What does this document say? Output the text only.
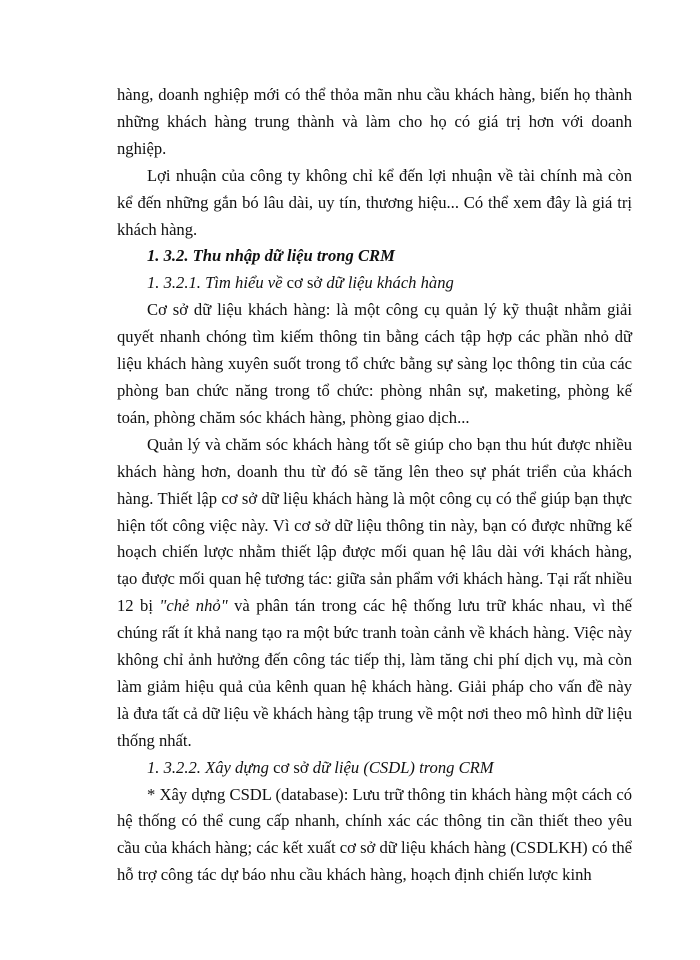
hàng, doanh nghiệp mới có thể thỏa mãn nhu cầu khách hàng, biến họ thành những khách hàng trung thành và làm cho họ có giá trị hơn với doanh nghiệp.

Lợi nhuận của công ty không chỉ kể đến lợi nhuận về tài chính mà còn kể đến những gắn bó lâu dài, uy tín, thương hiệu... Có thể xem đây là giá trị khách hàng.

1. 3.2. Thu nhập dữ liệu trong CRM

1. 3.2.1. Tìm hiểu về cơ sở dữ liệu khách hàng

Cơ sở dữ liệu khách hàng: là một công cụ quản lý kỹ thuật nhằm giải quyết nhanh chóng tìm kiếm thông tin bằng cách tập hợp các phần nhỏ dữ liệu khách hàng xuyên suốt trong tổ chức bằng sự sàng lọc thông tin của các phòng ban chức năng trong tổ chức: phòng nhân sự, maketing, phòng kế toán, phòng chăm sóc khách hàng, phòng giao dịch...

Quản lý và chăm sóc khách hàng tốt sẽ giúp cho bạn thu hút được nhiều khách hàng hơn, doanh thu từ đó sẽ tăng lên theo sự phát triển của khách hàng. Thiết lập cơ sở dữ liệu khách hàng là một công cụ có thể giúp bạn thực hiện tốt công việc này. Vì cơ sở dữ liệu thông tin này, bạn có được những kế hoạch chiến lược nhằm thiết lập được mối quan hệ lâu dài với khách hàng, tạo được mối quan hệ tương tác: giữa sản phẩm với khách hàng. Tại rất nhiều 12 bị "chẻ nhỏ" và phân tán trong các hệ thống lưu trữ khác nhau, vì thế chúng rất ít khả nang tạo ra một bức tranh toàn cảnh về khách hàng. Việc này không chỉ ảnh hưởng đến công tác tiếp thị, làm tăng chi phí dịch vụ, mà còn làm giảm hiệu quả của kênh quan hệ khách hàng. Giải pháp cho vấn đề này là đưa tất cả dữ liệu về khách hàng tập trung về một nơi theo mô hình dữ liệu thống nhất.

1. 3.2.2. Xây dựng cơ sở dữ liệu (CSDL) trong CRM

* Xây dựng CSDL (database): Lưu trữ thông tin khách hàng một cách có hệ thống có thể cung cấp nhanh, chính xác các thông tin cần thiết theo yêu cầu của khách hàng; các kết xuất cơ sở dữ liệu khách hàng (CSDLKH) có thể hỗ trợ công tác dự báo nhu cầu khách hàng, hoạch định chiến lược kinh
